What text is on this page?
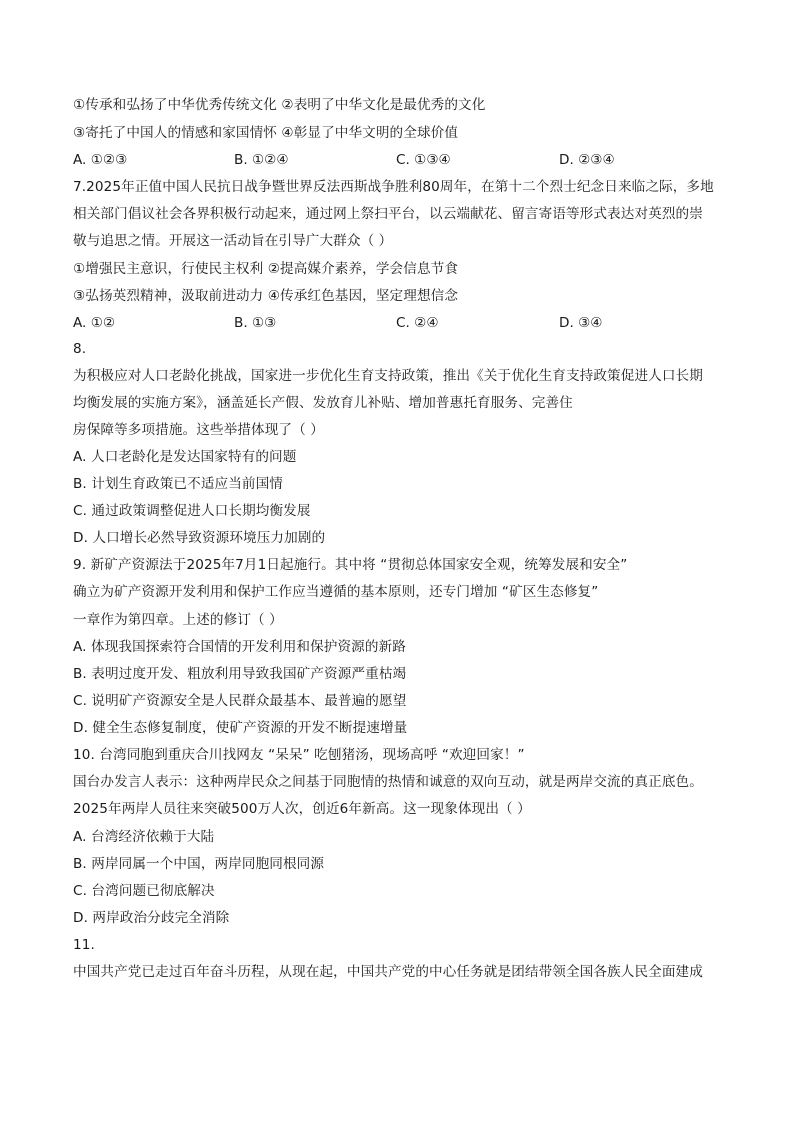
①传承和弘扬了中华优秀传统文化 ②表明了中华文化是最优秀的文化
③寄托了中国人的情感和家国情怀 ④彰显了中华文明的全球价值
A. ①②③	B. ①②④	C. ①③④	D. ②③④
7.2025年正值中国人民抗日战争暨世界反法西斯战争胜利80周年，在第十二个烈士纪念日来临之际，多地
相关部门倡议社会各界积极行动起来，通过网上祭扫平台，以云端献花、留言寄语等形式表达对英烈的崇
敬与追思之情。开展这一活动旨在引导广大群众（ ）
①增强民主意识，行使民主权利 ②提高媒介素养，学会信息节食
③弘扬英烈精神，汲取前进动力 ④传承红色基因，坚定理想信念
A. ①②	B. ①③	C. ②④	D. ③④
8.
为积极应对人口老龄化挑战，国家进一步优化生育支持政策，推出《关于优化生育支持政策促进人口长期
均衡发展的实施方案》，涵盖延长产假、发放育儿补贴、增加普惠托育服务、完善住
房保障等多项措施。这些举措体现了（ ）
A. 人口老龄化是发达国家特有的问题
B. 计划生育政策已不适应当前国情
C. 通过政策调整促进人口长期均衡发展
D. 人口增长必然导致资源环境压力加剧的
9. 新矿产资源法于2025年7月1日起施行。其中将 “贯彻总体国家安全观，统筹发展和安全”
确立为矿产资源开发利用和保护工作应当遵循的基本原则，还专门增加 “矿区生态修复”
一章作为第四章。上述的修订（ ）
A. 体现我国探索符合国情的开发利用和保护资源的新路
B. 表明过度开发、粗放利用导致我国矿产资源严重枯竭
C. 说明矿产资源安全是人民群众最基本、最普遍的愿望
D. 健全生态修复制度，使矿产资源的开发不断提速增量
10. 台湾同胞到重庆合川找网友 “呆呆” 吃刨猪汤，现场高呼 “欢迎回家！”
国台办发言人表示：这种两岸民众之间基于同胞情的热情和诚意的双向互动，就是两岸交流的真正底色。
2025年两岸人员往来突破500万人次，创近6年新高。这一现象体现出（ ）
A. 台湾经济依赖于大陆
B. 两岸同属一个中国，两岸同胞同根同源
C. 台湾问题已彻底解决
D. 两岸政治分歧完全消除
11.
中国共产党已走过百年奋斗历程，从现在起，中国共产党的中心任务就是团结带领全国各族人民全面建成
